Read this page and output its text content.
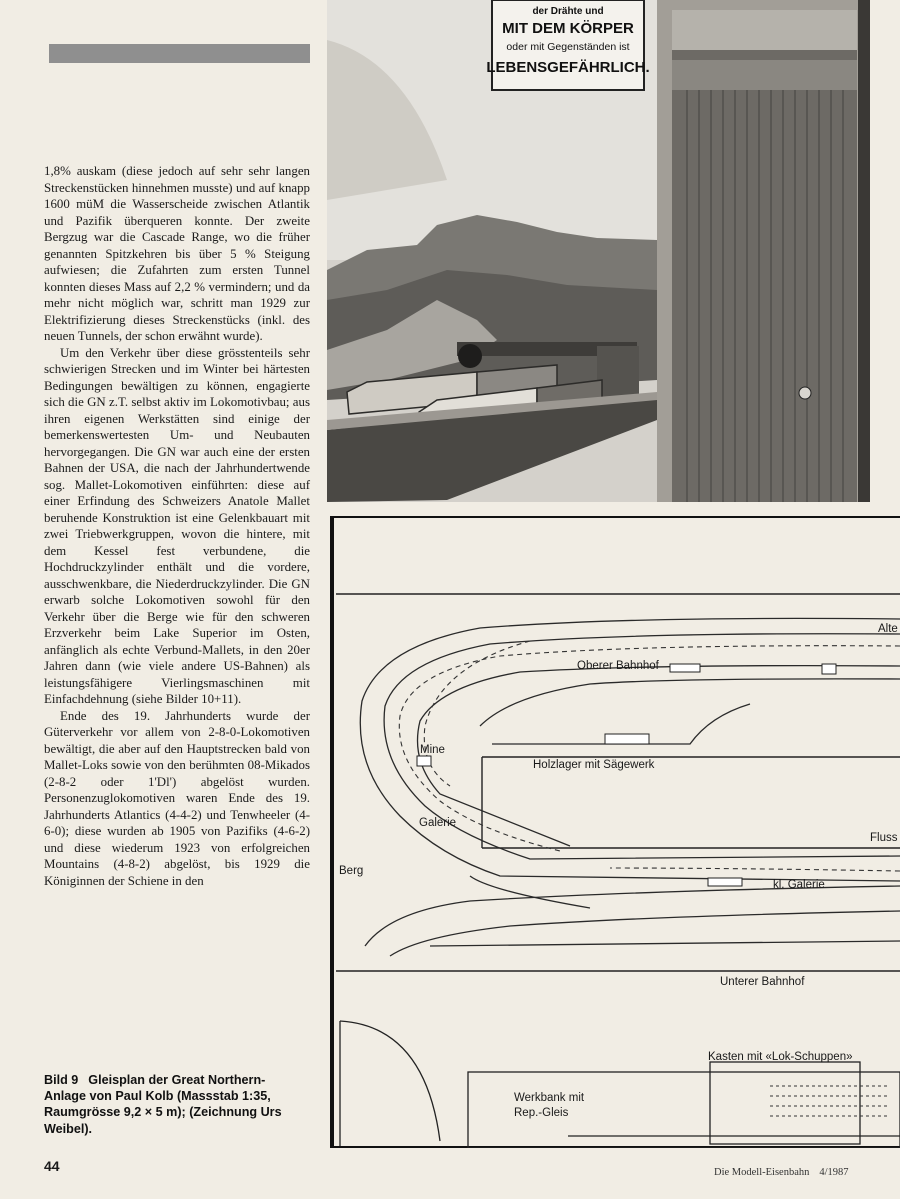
1,8% auskam (diese jedoch auf sehr sehr langen Streckenstücken hinnehmen musste) und auf knapp 1600 müM die Wasserscheide zwischen Atlantik und Pazifik überqueren konnte. Der zweite Bergzug war die Cascade Range, wo die früher genannten Spitzkehren bis über 5 % Steigung aufwiesen; die Zufahrten zum ersten Tunnel konnten dieses Mass auf 2,2 % vermindern; und da mehr nicht möglich war, schritt man 1929 zur Elektrifizierung dieses Streckenstücks (inkl. des neuen Tunnels, der schon erwähnt wurde).

Um den Verkehr über diese grösstenteils sehr schwierigen Strecken und im Winter bei härtesten Bedingungen bewältigen zu können, engagierte sich die GN z.T. selbst aktiv im Lokomotivbau; aus ihren eigenen Werkstätten sind einige der bemerkenswertesten Um- und Neubauten hervorgegangen. Die GN war auch eine der ersten Bahnen der USA, die nach der Jahrhundertwende sog. Mallet-Lokomotiven einführten: diese auf einer Erfindung des Schweizers Anatole Mallet beruhende Konstruktion ist eine Gelenkbauart mit zwei Triebwerkgruppen, wovon die hintere, mit dem Kessel fest verbundene, die Hochdruckzylinder enthält und die vordere, ausschwenkbare, die Niederdruckzylinder. Die GN erwarb solche Lokomotiven sowohl für den Verkehr über die Berge wie für den schweren Erzverkehr beim Lake Superior im Osten, anfänglich als echte Verbund-Mallets, in den 20er Jahren dann (wie viele andere US-Bahnen) als leistungsfähigere Vierlingsmaschinen mit Einfachdehnung (siehe Bilder 10+11).

Ende des 19. Jahrhunderts wurde der Güterverkehr vor allem von 2-8-0-Lokomotiven bewältigt, die aber auf den Hauptstrecken bald von Mallet-Loks sowie von den berühmten 08-Mikados (2-8-2 oder 1'Dl') abgelöst wurden. Personenzuglokomotiven waren Ende des 19. Jahrhunderts Atlantics (4-4-2) und Tenwheeler (4-6-0); diese wurden ab 1905 von Pazifiks (4-6-2) und diese wiederum 1923 von erfolgreichen Mountains (4-8-2) abgelöst, bis 1929 die Königinnen der Schiene in den

der Drähte und
MIT DEM KÖRPER
oder mit Gegenständen ist
LEBENSGEFÄHRLICH.
Alte
Oberer Bahnhof
Mine
Holzlager mit Sägewerk
Galerie
Fluss
Berg
kl. Galerie
Unterer Bahnhof
Kasten mit «Lok-Schuppen»
Werkbank mit
Rep.-Gleis
Bild 9 Gleisplan der Great Northern-Anlage von Paul Kolb (Massstab 1:35, Raumgrösse 9,2 × 5 m); (Zeichnung Urs Weibel).
44	Die Modell-Eisenbahn 4/1987
